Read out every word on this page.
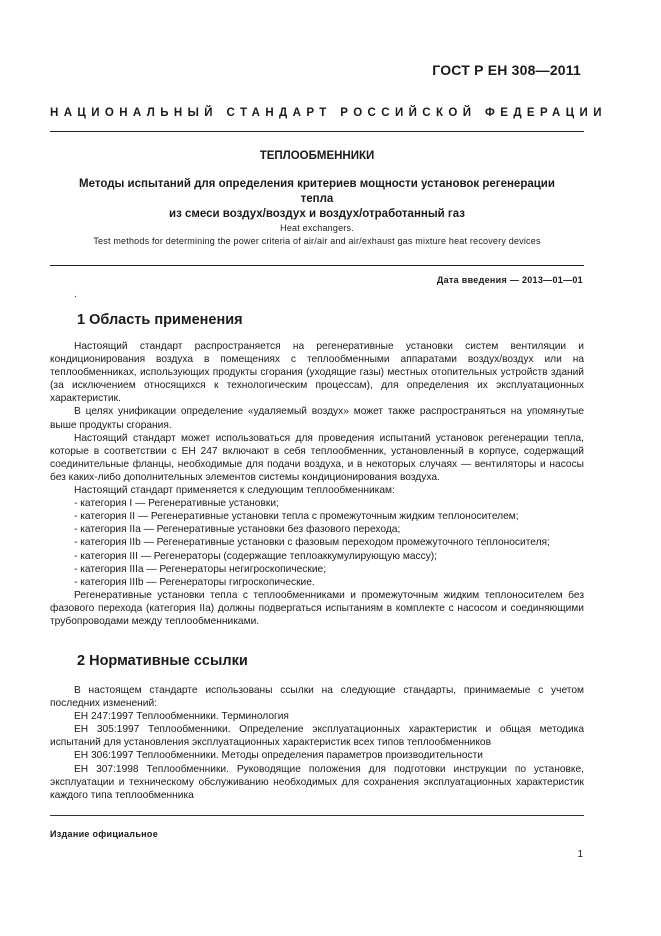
ГОСТ Р ЕН 308—2011
НАЦИОНАЛЬНЫЙ СТАНДАРТ РОССИЙСКОЙ ФЕДЕРАЦИИ
ТЕПЛООБМЕННИКИ
Методы испытаний для определения критериев мощности установок регенерации тепла
из смеси воздух/воздух и воздух/отработанный газ
Heat exchangers.
Test methods for determining the power criteria of air/air and air/exhaust gas mixture heat recovery devices
Дата введения — 2013—01—01
.
1 Область применения

Настоящий стандарт распространяется на регенеративные установки систем вентиляции и кондиционирования воздуха в помещениях с теплообменными аппаратами воздух/воздух или на теплообменниках, использующих продукты сгорания (уходящие газы) местных отопительных устройств зданий (за исключением относящихся к технологическим процессам), для определения их эксплуатационных характеристик.

В целях унификации определение «удаляемый воздух» может также распространяться на упомянутые выше продукты сгорания.

Настоящий стандарт может использоваться для проведения испытаний установок регенерации тепла, которые в соответствии с ЕН 247 включают в себя теплообменник, установленный в корпусе, содержащий соединительные фланцы, необходимые для подачи воздуха, и в некоторых случаях — вентиляторы и насосы без каких-либо дополнительных элементов системы кондиционирования воздуха.

Настоящий стандарт применяется к следующим теплообменникам:

- категория I — Регенеративные установки;

- категория II — Регенеративные установки тепла с промежуточным жидким теплоносителем;

- категория IIa — Регенеративные установки без фазового перехода;

- категория IIb — Регенеративные установки с фазовым переходом промежуточного теплоносителя;

- категория III — Регенераторы (содержащие теплоаккумулирующую массу);

- категория IIIa — Регенераторы негигроскопические;

- категория IIIb — Регенераторы гигроскопические.

Регенеративные установки тепла с теплообменниками и промежуточным жидким теплоносителем без фазового перехода (категория IIa) должны подвергаться испытаниям в комплекте с насосом и соединяющими трубопроводами между теплообменниками.

2 Нормативные ссылки

В настоящем стандарте использованы ссылки на следующие стандарты, принимаемые с учетом последних изменений:

ЕН 247:1997 Теплообменники. Терминология

ЕН 305:1997 Теплообменники. Определение эксплуатационных характеристик и общая методика испытаний для установления эксплуатационных характеристик всех типов теплообменников

ЕН 306:1997 Теплообменники. Методы определения параметров производительности

ЕН 307:1998 Теплообменники. Руководящие положения для подготовки инструкции по установке, эксплуатации и техническому обслуживанию необходимых для сохранения эксплуатационных характеристик каждого типа теплообменника

Издание официальное
1
